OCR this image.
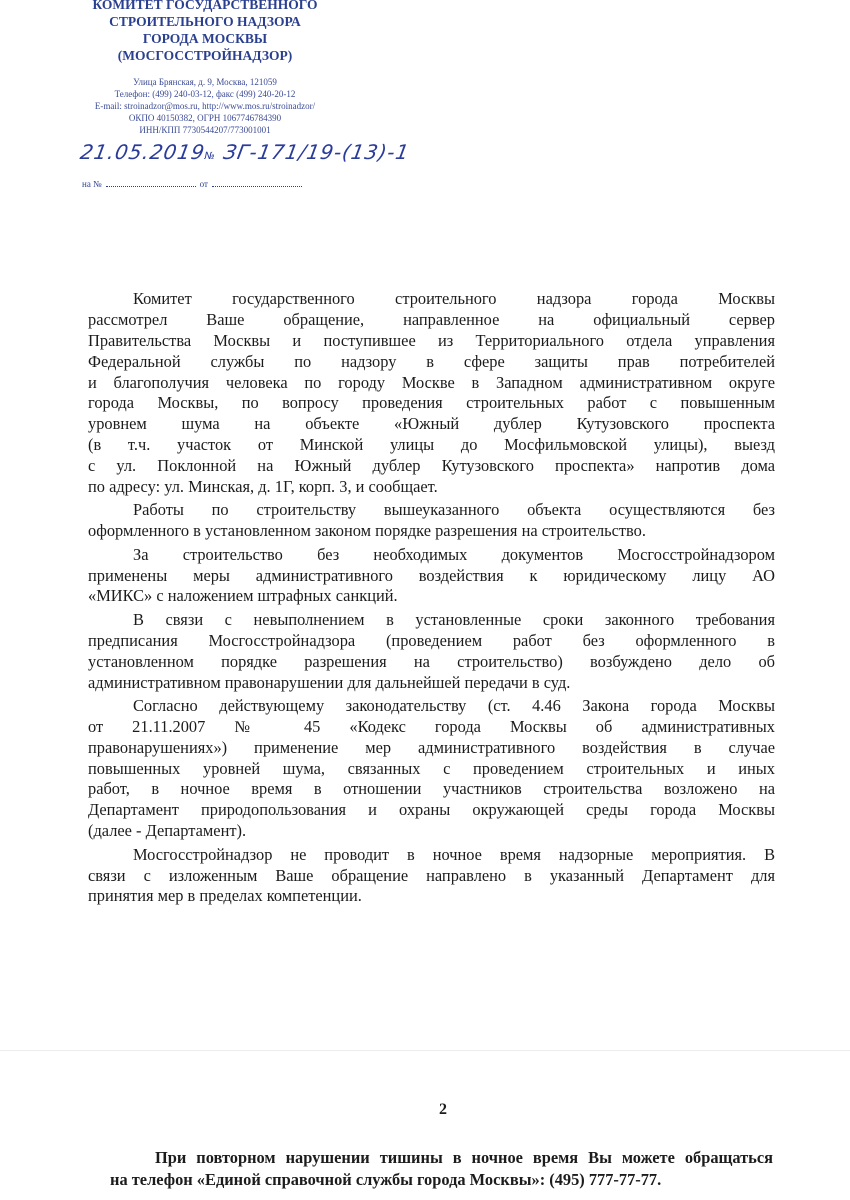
КОМИТЕТ ГОСУДАРСТВЕННОГО
СТРОИТЕЛЬНОГО НАДЗОРА
ГОРОДА МОСКВЫ
(МОСГОССТРОЙНАДЗОР)
Улица Брянская, д. 9, Москва, 121059
Телефон: (499) 240-03-12, факс (499) 240-20-12
E-mail: stroinadzor@mos.ru, http://www.mos.ru/stroinadzor/
ОКПО 40150382, ОГРН 1067746784390
ИНН/КПП 7730544207/773001001
21.05.2019№ ЗГ-171/19-(13)-1
на №	от
Комитет государственного строительного надзора города Москвы
рассмотрел Ваше обращение, направленное на официальный сервер
Правительства Москвы и поступившее из Территориального отдела управления
Федеральной службы по надзору в сфере защиты прав потребителей
и благополучия человека по городу Москве в Западном административном округе
города Москвы, по вопросу проведения строительных работ с повышенным
уровнем шума на объекте «Южный дублер Кутузовского проспекта
(в т.ч. участок от Минской улицы до Мосфильмовской улицы), выезд
с ул. Поклонной на Южный дублер Кутузовского проспекта» напротив дома
по адресу: ул. Минская, д. 1Г, корп. 3, и сообщает.
Работы по строительству вышеуказанного объекта осуществляются без
оформленного в установленном законом порядке разрешения на строительство.
За строительство без необходимых документов Мосгосстройнадзором
применены меры административного воздействия к юридическому лицу АО
«МИКС» с наложением штрафных санкций.
В связи с невыполнением в установленные сроки законного требования
предписания Мосгосстройнадзора (проведением работ без оформленного в
установленном порядке разрешения на строительство) возбуждено дело об
административном правонарушении для дальнейшей передачи в суд.
Согласно действующему законодательству (ст. 4.46 Закона города Москвы
от 21.11.2007 № 45 «Кодекс города Москвы об административных
правонарушениях») применение мер административного воздействия в случае
повышенных уровней шума, связанных с проведением строительных и иных
работ, в ночное время в отношении участников строительства возложено на
Департамент природопользования и охраны окружающей среды города Москвы
(далее - Департамент).
Мосгосстройнадзор не проводит в ночное время надзорные мероприятия. В
связи с изложенным Ваше обращение направлено в указанный Департамент для
принятия мер в пределах компетенции.
2
При повторном нарушении тишины в ночное время Вы можете обращаться
на телефон «Единой справочной службы города Москвы»: (495) 777-77-77.
